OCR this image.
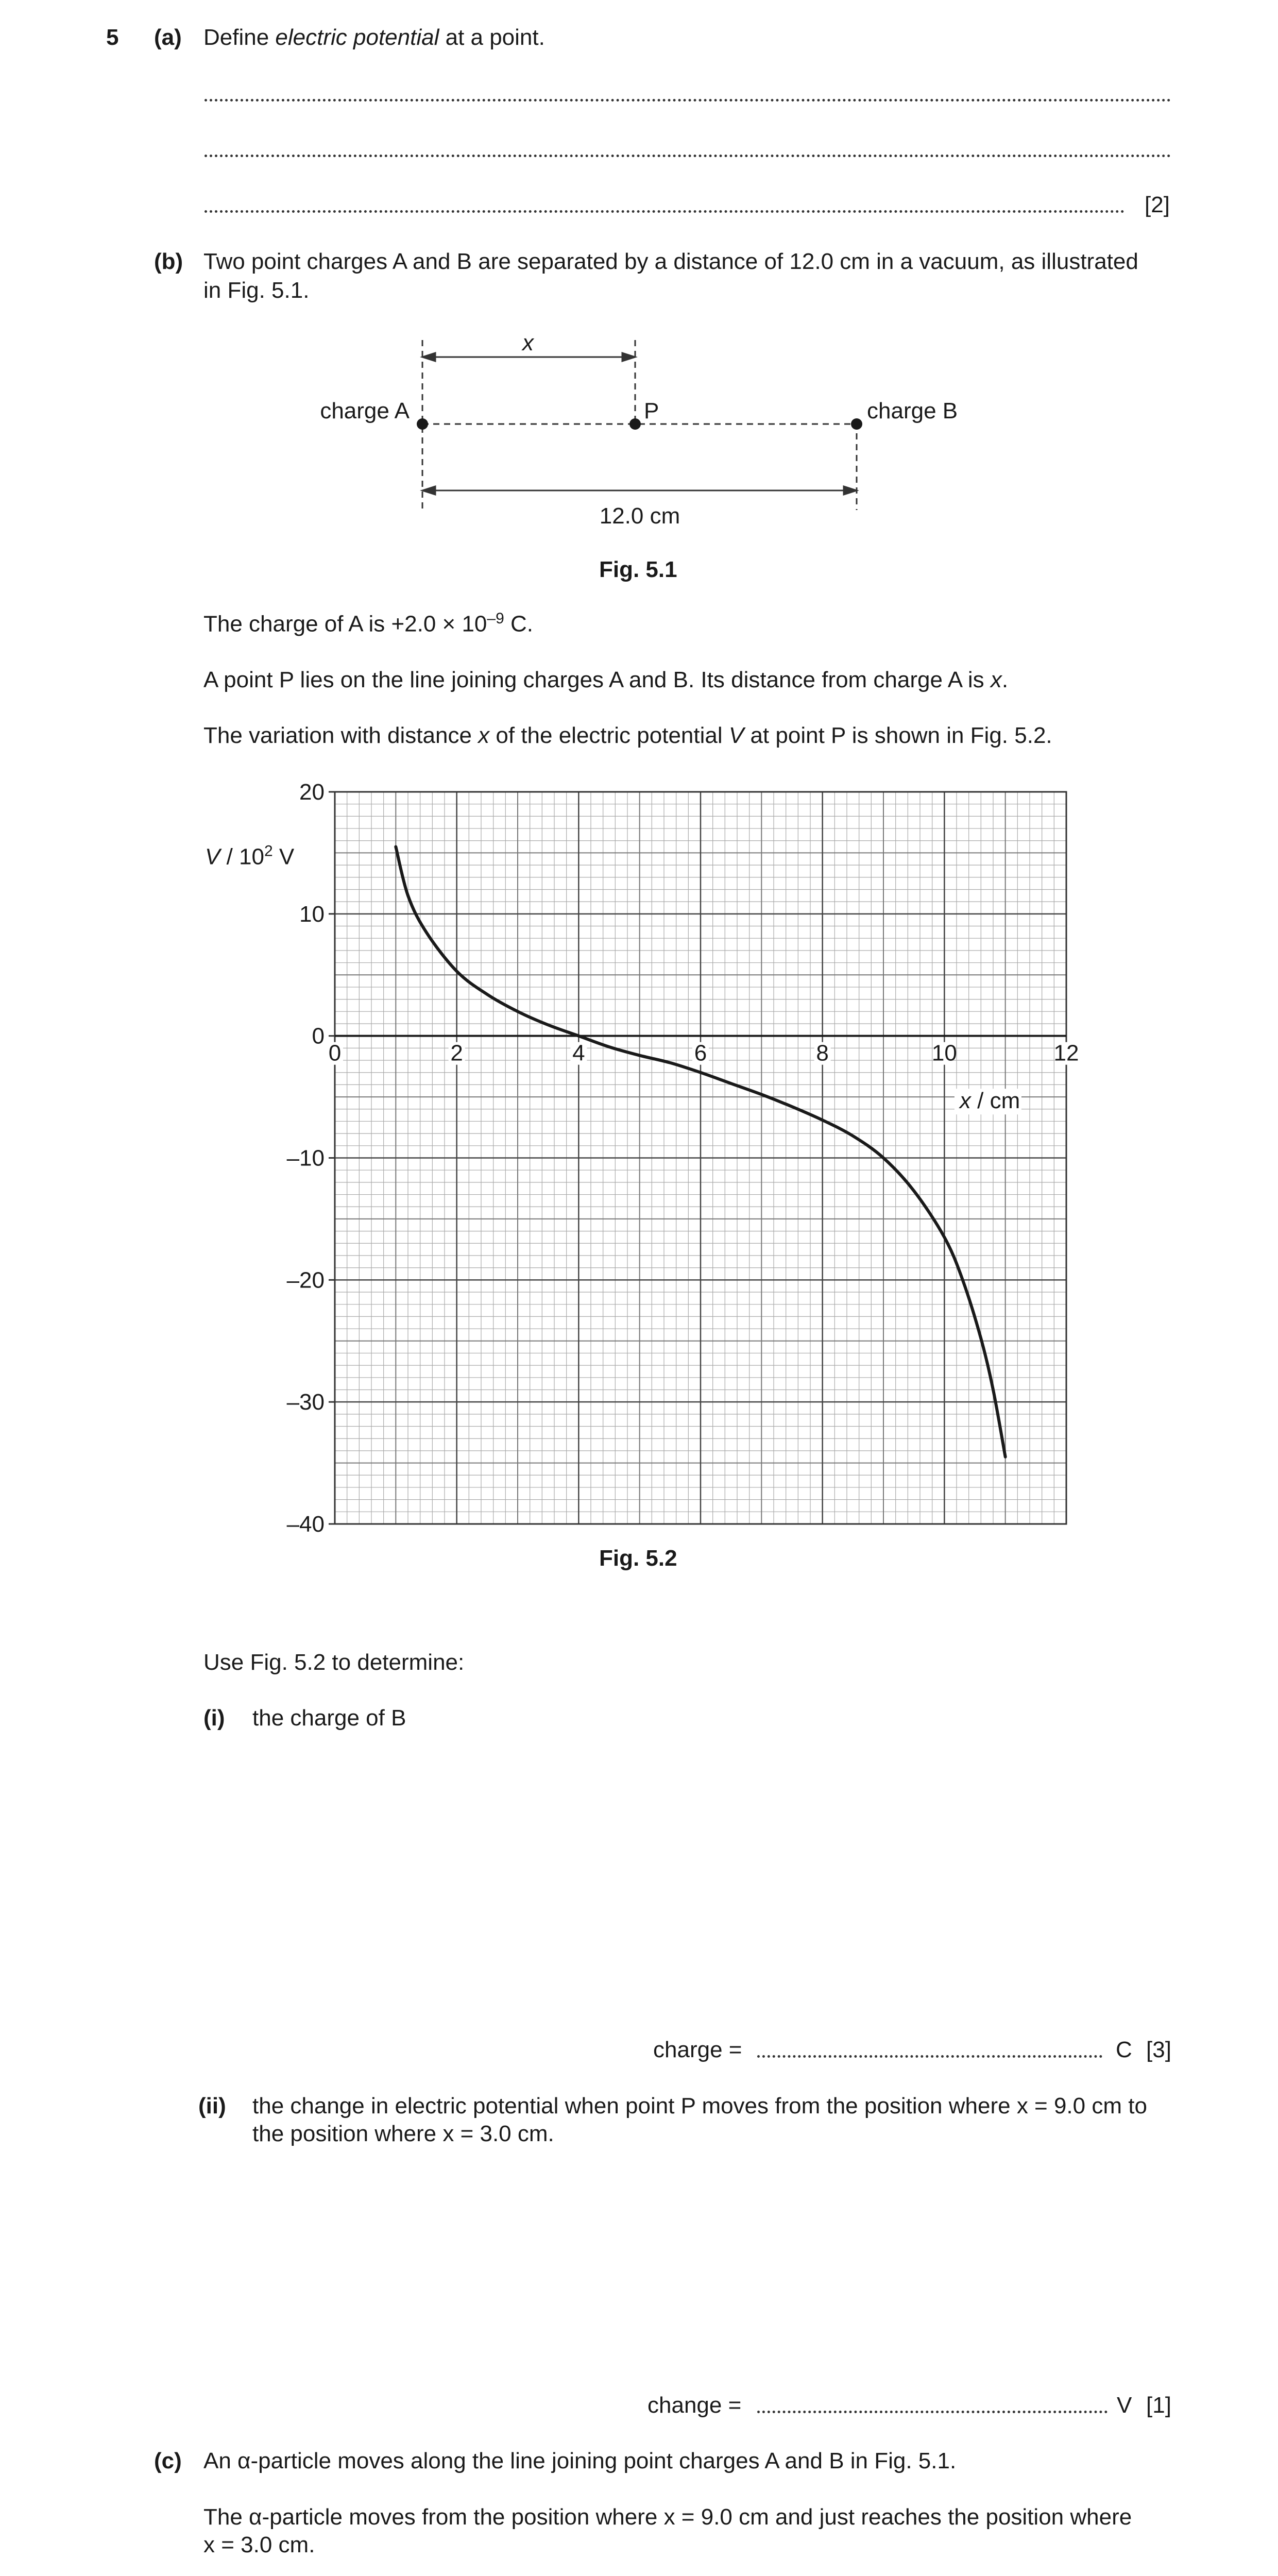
5 (a) Define electric potential at a point.
[2]
(b) Two point charges A and B are separated by a distance of 12.0 cm in a vacuum, as illustrated
in Fig. 5.1.
x
charge A	P	charge B
12.0 cm
Fig. 5.1
The charge of A is $+2.0 \times 10^{-9}$ C.
A point P lies on the line joining charges A and B. Its distance from charge A is x.
The variation with distance x of the electric potential V at point P is shown in Fig. 5.2.
0	2	4	6	8	10	12
20
10
0
–10
–20
–30
–40
x / cm
V / $10^2$ V
Fig. 5.2
Use Fig. 5.2 to determine:
(i) the charge of B
charge =	C [3]
(ii) the change in electric potential when point P moves from the position where x = 9.0 cm to
the position where x = 3.0 cm.
change =	V [1]
(c) An α-particle moves along the line joining point charges A and B in Fig. 5.1.
The α-particle moves from the position where x = 9.0 cm and just reaches the position where
x = 3.0 cm.
